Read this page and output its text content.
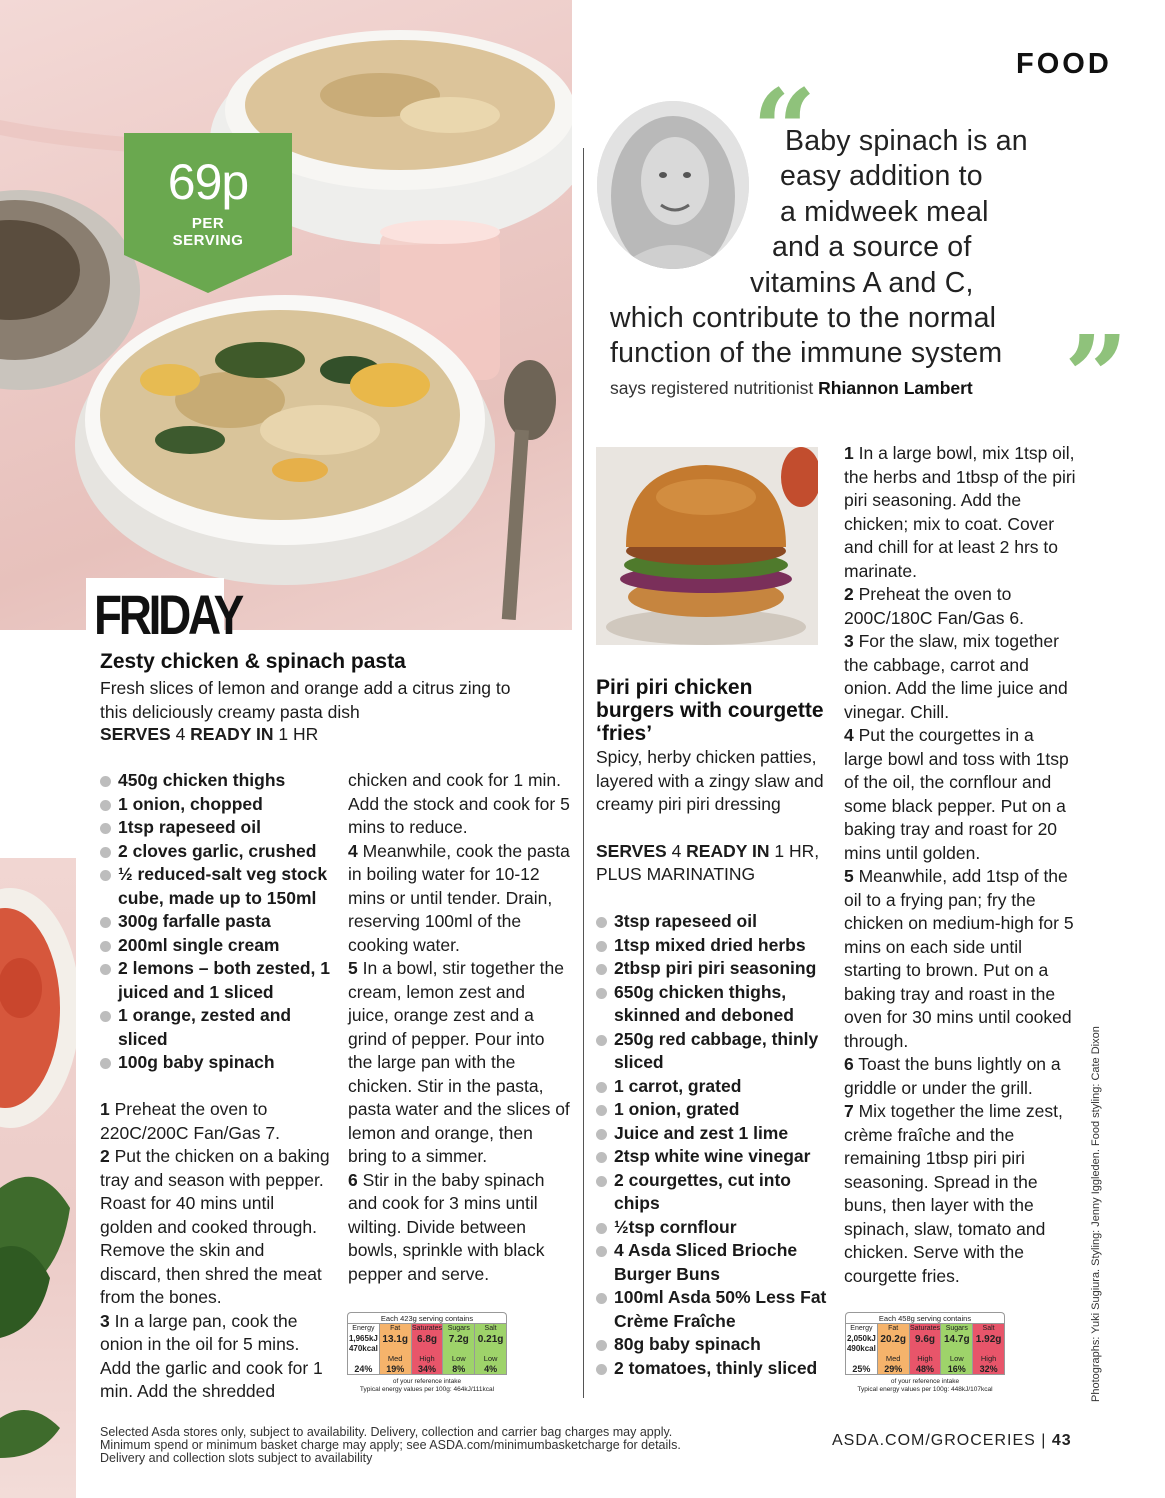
69p
PER
SERVING
FRIDAY
FOOD
“
”
Baby spinach is an
easy addition to
a midweek meal
and a source of
vitamins A and C,
which contribute to the normal
function of the immune system
says registered nutritionist Rhiannon Lambert
Zesty chicken & spinach pasta
Fresh slices of lemon and orange add a citrus zing to this deliciously creamy pasta dish
SERVES 4 READY IN 1 HR
450g chicken thighs
1 onion, chopped
1tsp rapeseed oil
2 cloves garlic, crushed
½ reduced-salt veg stock cube, made up to 150ml
300g farfalle pasta
200ml single cream
2 lemons – both zested, 1 juiced and 1 sliced
1 orange, zested and sliced
100g baby spinach

1 Preheat the oven to 220C/200C Fan/Gas 7.

2 Put the chicken on a baking tray and season with pepper. Roast for 40 mins until golden and cooked through. Remove the skin and discard, then shred the meat from the bones.

3 In a large pan, cook the onion in the oil for 5 mins. Add the garlic and cook for 1 min. Add the shredded

chicken and cook for 1 min. Add the stock and cook for 5 mins to reduce.

4 Meanwhile, cook the pasta in boiling water for 10-12 mins or until tender. Drain, reserving 100ml of the cooking water.

5 In a bowl, stir together the cream, lemon zest and juice, orange zest and a grind of pepper. Pour into the large pan with the chicken. Stir in the pasta, pasta water and the slices of lemon and orange, then bring to a simmer.

6 Stir in the baby spinach and cook for 3 mins until wilting. Divide between bowls, sprinkle with black pepper and serve.

Each 423g serving contains
Energy
1,965kJ 470kcal
24%
Fat
13.1g
Med
19%
Saturates
6.8g
High
34%
Sugars
7.2g
Low
8%
Salt
0.21g
Low
4%
of your reference intake
Typical energy values per 100g: 464kJ/111kcal
Piri piri chicken burgers with courgette ‘fries’
Spicy, herby chicken patties, layered with a zingy slaw and creamy piri piri dressing
SERVES 4 READY IN 1 HR,
PLUS MARINATING
3tsp rapeseed oil
1tsp mixed dried herbs
2tbsp piri piri seasoning
650g chicken thighs, skinned and deboned
250g red cabbage, thinly sliced
1 carrot, grated
1 onion, grated
Juice and zest 1 lime
2tsp white wine vinegar
2 courgettes, cut into chips
½tsp cornflour
4 Asda Sliced Brioche Burger Buns
100ml Asda 50% Less Fat Crème Fraîche
80g baby spinach
2 tomatoes, thinly sliced

1 In a large bowl, mix 1tsp oil, the herbs and 1tbsp of the piri piri seasoning. Add the chicken; mix to coat. Cover and chill for at least 2 hrs to marinate.

2 Preheat the oven to 200C/180C Fan/Gas 6.

3 For the slaw, mix together the cabbage, carrot and onion. Add the lime juice and vinegar. Chill.

4 Put the courgettes in a large bowl and toss with 1tsp of the oil, the cornflour and some black pepper. Put on a baking tray and roast for 20 mins until golden.

5 Meanwhile, add 1tsp of the oil to a frying pan; fry the chicken on medium-high for 5 mins on each side until starting to brown. Put on a baking tray and roast in the oven for 30 mins until cooked through.

6 Toast the buns lightly on a griddle or under the grill.

7 Mix together the lime zest, crème fraîche and the remaining 1tbsp piri piri seasoning. Spread in the buns, then layer with the spinach, slaw, tomato and chicken. Serve with the courgette fries.

Each 458g serving contains
Energy
2,050kJ 490kcal
25%
Fat
20.2g
Med
29%
Saturates
9.6g
High
48%
Sugars
14.7g
Low
16%
Salt
1.92g
High
32%
of your reference intake
Typical energy values per 100g: 448kJ/107kcal
Selected Asda stores only, subject to availability. Delivery, collection and carrier bag charges may apply. Minimum spend or minimum basket charge may apply; see ASDA.com/minimumbasketcharge for details. Delivery and collection slots subject to availability
ASDA.COM/GROCERIES | 43
Photographs: Yuki Sugiura. Styling: Jenny Iggleden. Food styling: Cate Dixon
